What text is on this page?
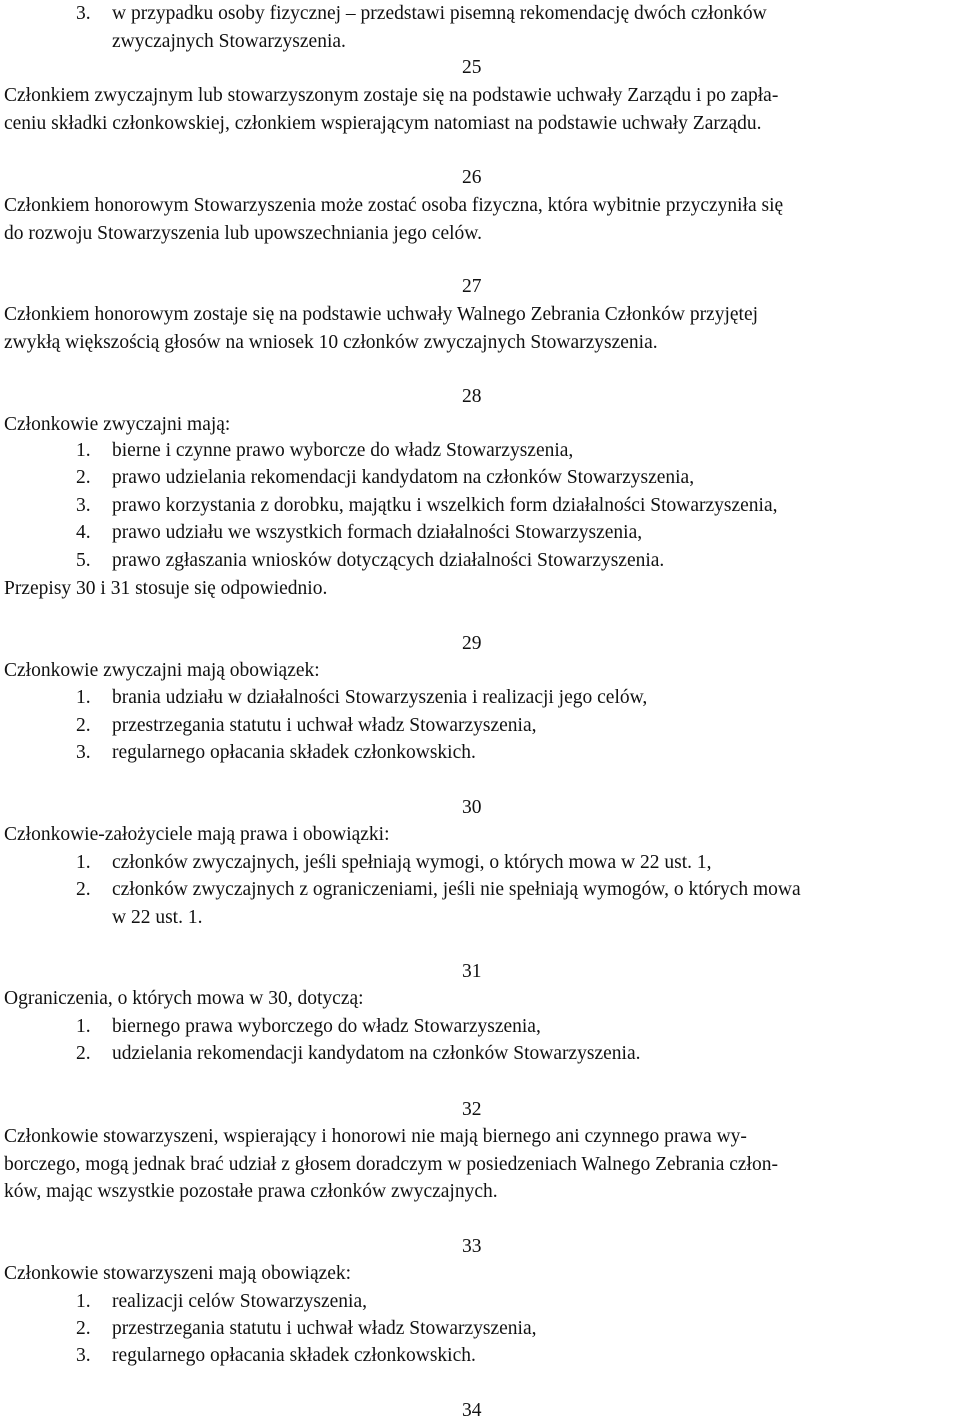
3. w przypadku osoby fizycznej – przedstawi pisemną rekomendację dwóch członków
zwyczajnych Stowarzyszenia.
25
Członkiem zwyczajnym lub stowarzyszonym zostaje się na podstawie uchwały Zarządu i po zapła-
ceniu składki członkowskiej, członkiem wspierającym natomiast na podstawie uchwały Zarządu.
26
Członkiem honorowym Stowarzyszenia może zostać osoba fizyczna, która wybitnie przyczyniła się
do rozwoju Stowarzyszenia lub upowszechniania jego celów.
27
Członkiem honorowym zostaje się na podstawie uchwały Walnego Zebrania Członków przyjętej
zwykłą większością głosów na wniosek 10 członków zwyczajnych Stowarzyszenia.
28
Członkowie zwyczajni mają:
1. bierne i czynne prawo wyborcze do władz Stowarzyszenia,
2. prawo udzielania rekomendacji kandydatom na członków Stowarzyszenia,
3. prawo korzystania z dorobku, majątku i wszelkich form działalności Stowarzyszenia,
4. prawo udziału we wszystkich formach działalności Stowarzyszenia,
5. prawo zgłaszania wniosków dotyczących działalności Stowarzyszenia.
Przepisy 30 i 31 stosuje się odpowiednio.
29
Członkowie zwyczajni mają obowiązek:
1. brania udziału w działalności Stowarzyszenia i realizacji jego celów,
2. przestrzegania statutu i uchwał władz Stowarzyszenia,
3. regularnego opłacania składek członkowskich.
30
Członkowie-założyciele mają prawa i obowiązki:
1. członków zwyczajnych, jeśli spełniają wymogi, o których mowa w 22 ust. 1,
2. członków zwyczajnych z ograniczeniami, jeśli nie spełniają wymogów, o których mowa
w 22 ust. 1.
31
Ograniczenia, o których mowa w 30, dotyczą:
1. biernego prawa wyborczego do władz Stowarzyszenia,
2. udzielania rekomendacji kandydatom na członków Stowarzyszenia.
32
Członkowie stowarzyszeni, wspierający i honorowi nie mają biernego ani czynnego prawa wy-
borczego, mogą jednak brać udział z głosem doradczym w posiedzeniach Walnego Zebrania człon-
ków, mając wszystkie pozostałe prawa członków zwyczajnych.
33
Członkowie stowarzyszeni mają obowiązek:
1. realizacji celów Stowarzyszenia,
2. przestrzegania statutu i uchwał władz Stowarzyszenia,
3. regularnego opłacania składek członkowskich.
34
